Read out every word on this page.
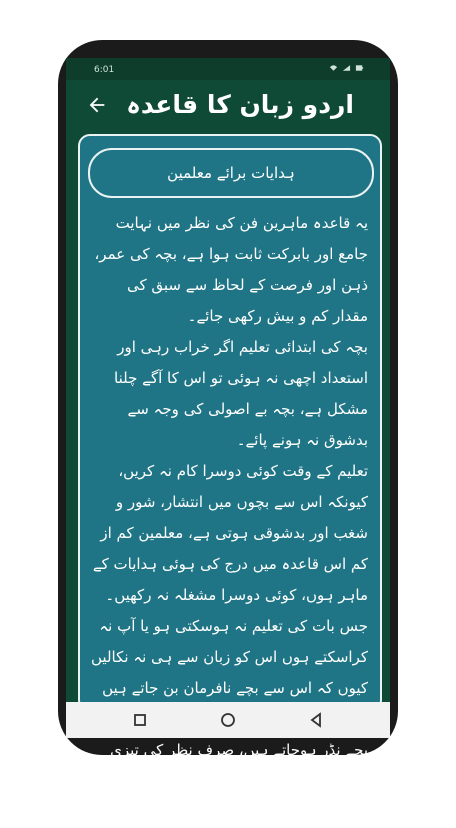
6:01
اردو زبان کا قاعدہ
ہدایات برائے معلمین

یہ قاعدہ ماہرین فن کی نظر میں نہایت جامع اور بابرکت ثابت ہوا ہے، بچہ کی عمر، ذہن اور فرصت کے لحاظ سے سبق کی مقدار کم و بیش رکھی جائے۔

بچہ کی ابتدائی تعلیم اگر خراب رہی اور استعداد اچھی نہ ہوئی تو اس کا آگے چلنا مشکل ہے، بچہ بے اصولی کی وجہ سے بدشوق نہ ہونے پائے۔

تعلیم کے وقت کوئی دوسرا کام نہ کریں، کیونکہ اس سے بچوں میں انتشار، شور و شغب اور بدشوقی ہوتی ہے، معلمین کم از کم اس قاعدہ میں درج کی ہوئی ہدایات کے ماہر ہوں، کوئی دوسرا مشغلہ نہ رکھیں۔

جس بات کی تعلیم نہ ہوسکتی ہو یا آپ نہ کراسکتے ہوں اس کو زبان سے ہی نہ نکالیں کیوں کہ اس سے بچے نافرمان بن جاتے ہیں بچے نڈر ہوجاتے ہیں، صرف نظر کی تیزی اور معمولی ڈانٹ سے کام لینے کی کوشش کریں، پھر بھی
